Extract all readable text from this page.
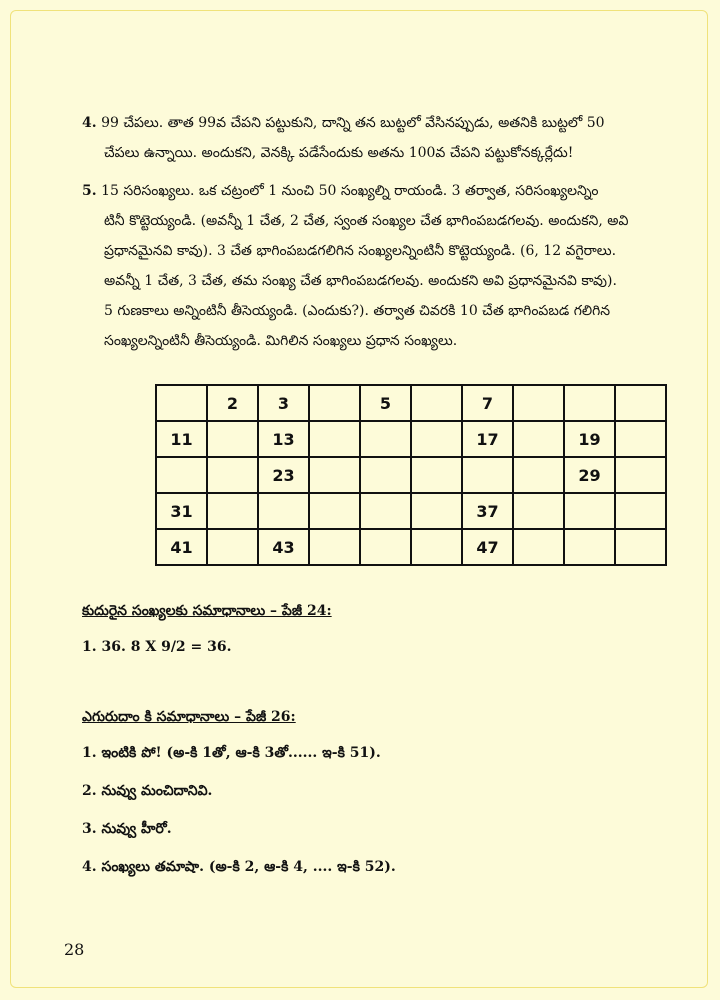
4. 99 చేపలు. తాత 99వ చేపని పట్టుకుని, దాన్ని తన బుట్టలో వేసినప్పుడు, అతనికి బుట్టలో 50
చేపలు ఉన్నాయి. అందుకని, వెనక్కి పడేసేందుకు అతను 100వ చేపని పట్టుకోనక్కర్లేదు!
5. 15 సరిసంఖ్యలు. ఒక చట్రంలో 1 నుంచి 50 సంఖ్యల్ని రాయండి. 3 తర్వాత, సరిసంఖ్యలన్నిం
టినీ కొట్టెయ్యండి. (అవన్నీ 1 చేత, 2 చేత, స్వంత సంఖ్యల చేత భాగింపబడగలవు. అందుకని, అవి
ప్రధానమైనవి కావు). 3 చేత భాగింపబడగలిగిన సంఖ్యలన్నింటినీ కొట్టెయ్యండి. (6, 12 వగైరాలు.
అవన్నీ 1 చేత, 3 చేత, తమ సంఖ్య చేత భాగింపబడగలవు. అందుకని అవి ప్రధానమైనవి కావు).
5 గుణకాలు అన్నింటినీ తీసెయ్యండి. (ఎందుకు?). తర్వాత చివరకి 10 చేత భాగింపబడ గలిగిన
సంఖ్యలన్నింటినీ తీసెయ్యండి. మిగిలిన సంఖ్యలు ప్రధాన సంఖ్యలు.
	2	3		5		7			
11		13				17		19	
		23						29	
31						37			
41		43				47			
కుదురైన సంఖ్యలకు సమాధానాలు – పేజీ 24:
1. 36. 8 X 9/2 = 36.
ఎగురుదాం కి సమాధానాలు – పేజీ 26:
1. ఇంటికి పో! (అ-కి 1తో, ఆ-కి 3తో...... ఇ-కి 51).
2. నువ్వు మంచిదానివి.
3. నువ్వు హీరో.
4. సంఖ్యలు తమాషా. (అ-కి 2, ఆ-కి 4, .... ఇ-కి 52).
28
